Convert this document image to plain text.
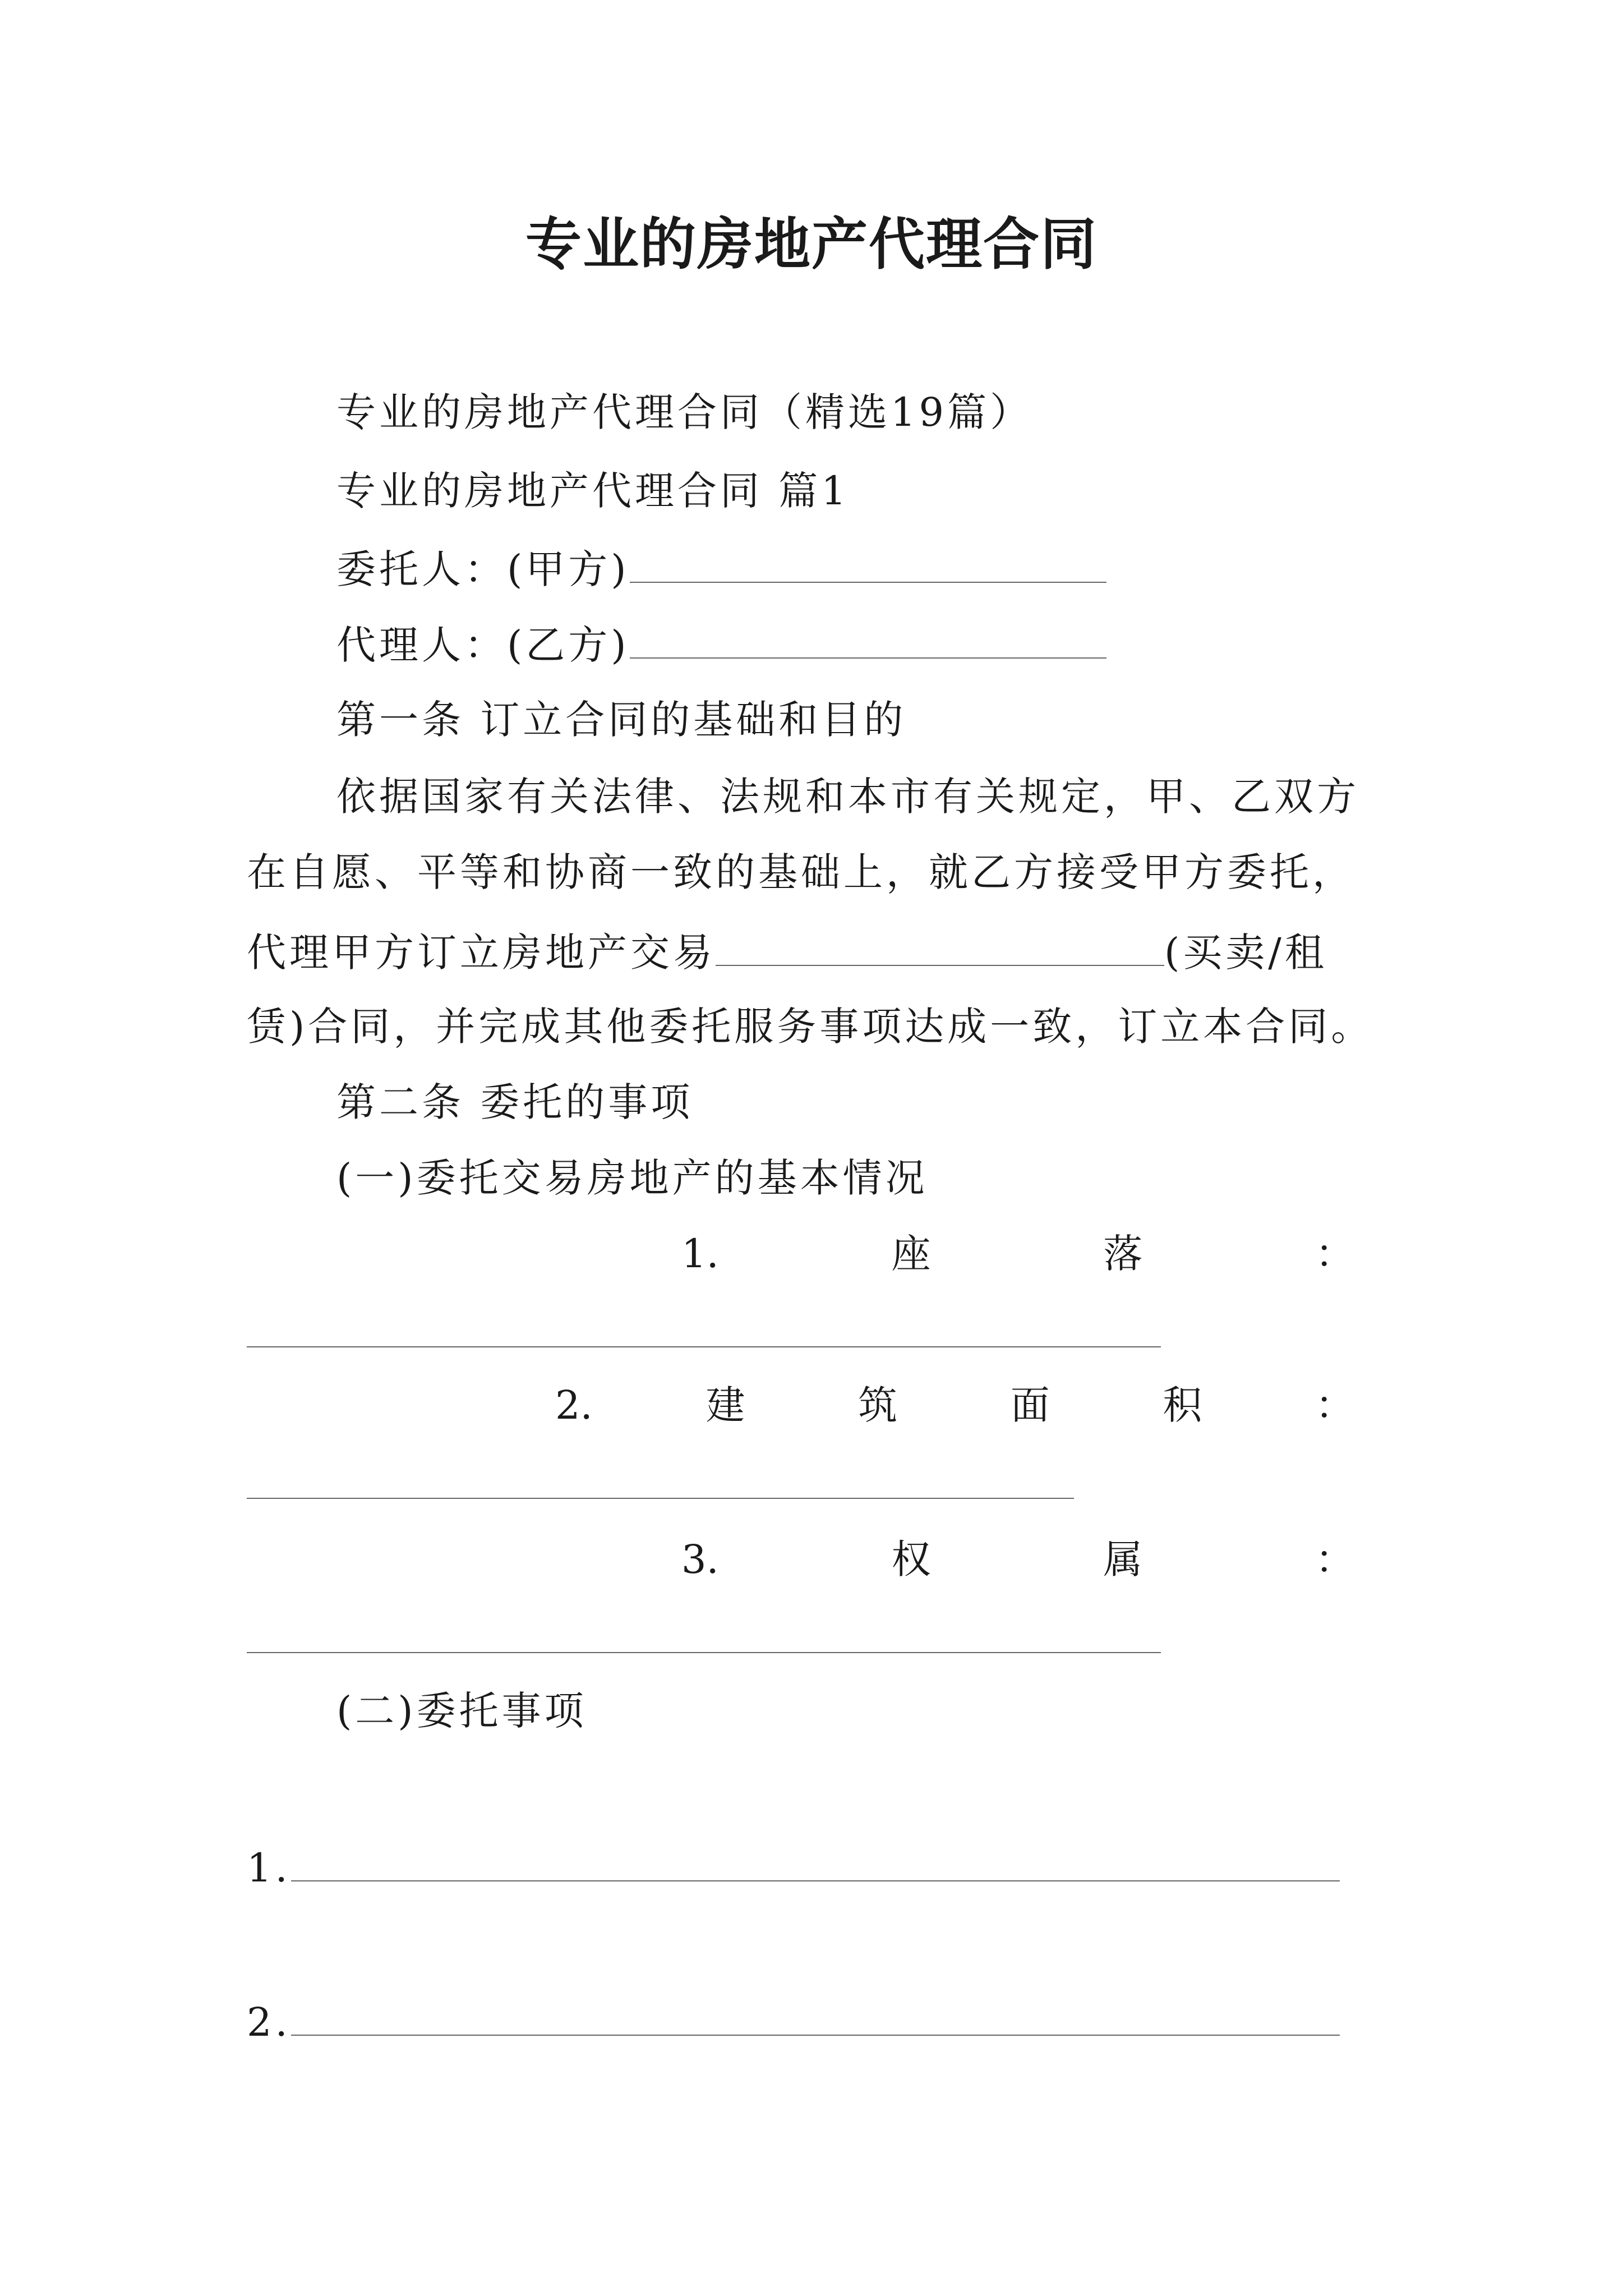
专业的房地产代理合同
专业的房地产代理合同（精选19篇）
专业的房地产代理合同 篇1
委托人：(甲方)
代理人：(乙方)
第一条 订立合同的基础和目的
依据国家有关法律、法规和本市有关规定，甲、乙双方
在自愿、平等和协商一致的基础上，就乙方接受甲方委托，
代理甲方订立房地产交易	(买卖/租
赁)合同，并完成其他委托服务事项达成一致，订立本合同。
第二条 委托的事项
(一)委托交易房地产的基本情况
1.	座	落	：
2.	建	筑	面	积	：
3.	权	属	：
(二)委托事项
1.
2.
